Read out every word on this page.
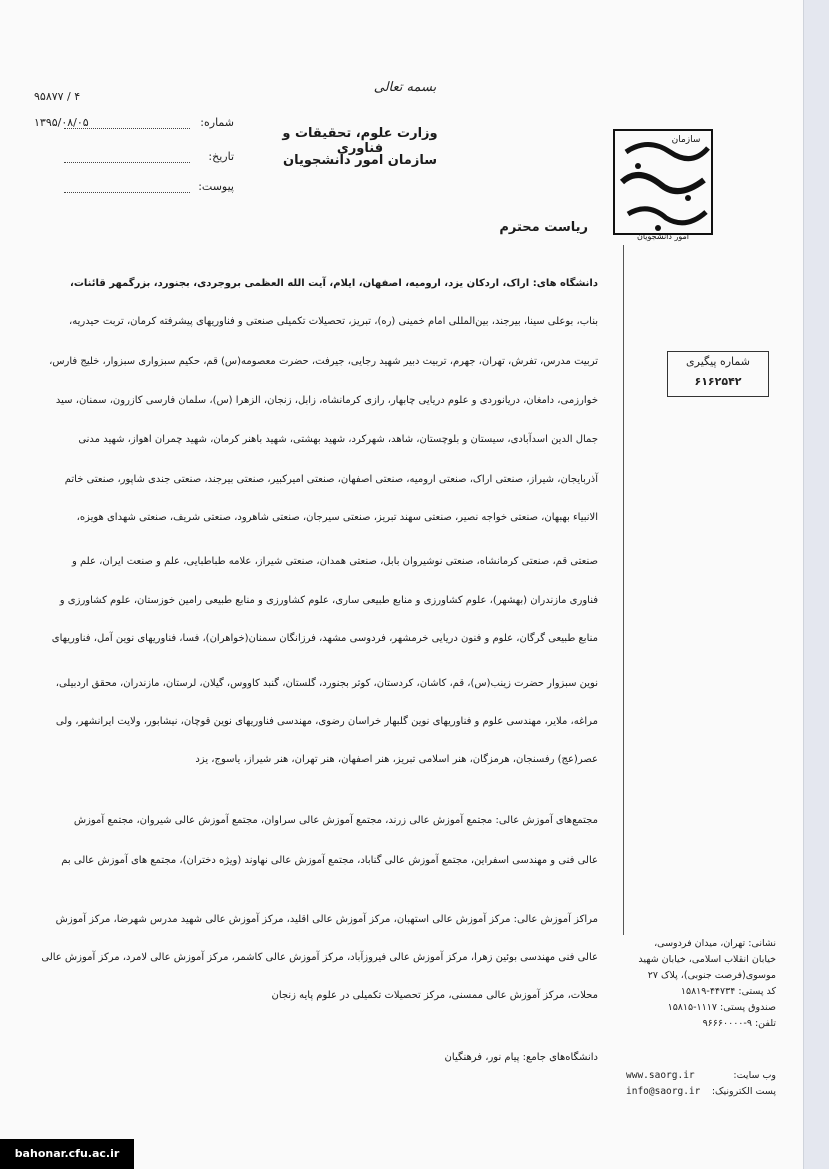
بسمه تعالی
وزارت علوم، تحقیقات و فناوری
سازمان امور دانشجویان
۴ / ۹۵۸۷۷
شماره:
۱۳۹۵/۰۸/۰۵
تاریخ:
پیوست:
سازمان
امور دانشجویان
شماره پیگیری
۶۱۶۲۵۴۲
ریاست محترم
دانشگاه های: اراک، اردکان یزد، ارومیه، اصفهان، ایلام، آیت الله العظمی بروجردی، بجنورد، بزرگمهر قائنات،
بناب، بوعلی سینا، بیرجند، بین‌المللی امام خمینی (ره)، تبریز، تحصیلات تکمیلی صنعتی و فناوریهای پیشرفته کرمان، تربت حیدریه،
تربیت مدرس، تفرش، تهران، جهرم، تربیت دبیر شهید رجایی، جیرفت، حضرت معصومه(س) قم، حکیم سبزواری سبزوار، خلیج فارس،
خوارزمی، دامغان، دریانوردی و علوم دریایی چابهار، رازی کرمانشاه، زابل، زنجان، الزهرا (س)، سلمان فارسی کازرون، سمنان، سید
جمال الدین اسدآبادی، سیستان و بلوچستان، شاهد، شهرکرد، شهید بهشتی، شهید باهنر کرمان، شهید چمران اهواز، شهید مدنی
آذربایجان، شیراز، صنعتی اراک، صنعتی ارومیه، صنعتی اصفهان، صنعتی امیرکبیر، صنعتی بیرجند، صنعتی جندی شاپور، صنعتی خاتم
الانبیاء بهبهان، صنعتی خواجه نصیر، صنعتی سهند تبریز، صنعتی سیرجان، صنعتی شاهرود، صنعتی شریف، صنعتی شهدای هویزه،
صنعتی قم، صنعتی کرمانشاه، صنعتی نوشیروان بابل، صنعتی همدان، صنعتی شیراز، علامه طباطبایی، علم و صنعت ایران، علم و
فناوری مازندران (بهشهر)، علوم کشاورزی و منابع طبیعی ساری، علوم کشاورزی و منابع طبیعی رامین خوزستان، علوم کشاورزی و
منابع طبیعی گرگان، علوم و فنون دریایی خرمشهر، فردوسی مشهد، فرزانگان سمنان(خواهران)، فسا، فناوریهای نوین آمل، فناوریهای
نوین سبزوار حضرت زینب(س)، قم، کاشان، کردستان، کوثر بجنورد، گلستان، گنبد کاووس، گیلان، لرستان، مازندران، محقق اردبیلی،
مراغه، ملایر، مهندسی علوم و فناوریهای نوین گلبهار خراسان رضوی، مهندسی فناوریهای نوین قوچان، نیشابور، ولایت ایرانشهر، ولی
عصر(عج) رفسنجان، هرمزگان، هنر اسلامی تبریز، هنر اصفهان، هنر تهران، هنر شیراز، یاسوج، یزد
مجتمع‌های آموزش عالی: مجتمع آموزش عالی زرند، مجتمع آموزش عالی سراوان، مجتمع آموزش عالی شیروان، مجتمع آموزش
عالی فنی و مهندسی اسفراین، مجتمع آموزش عالی گناباد، مجتمع آموزش عالی نهاوند (ویژه دختران)، مجتمع های آموزش عالی بم
مراکز آموزش عالی: مرکز آموزش عالی استهبان، مرکز آموزش عالی اقلید، مرکز آموزش عالی شهید مدرس شهرضا، مرکز آموزش
عالی فنی مهندسی بوئین زهرا، مرکز آموزش عالی فیروزآباد، مرکز آموزش عالی کاشمر، مرکز آموزش عالی لامرد، مرکز آموزش عالی
محلات، مرکز آموزش عالی ممسنی، مرکز تحصیلات تکمیلی در علوم پایه زنجان
دانشگاه‌های جامع: پیام نور، فرهنگیان
نشانی: تهران، میدان فردوسی،
خیابان انقلاب اسلامی، خیابان شهید
موسوی(فرصت جنوبی)، پلاک ۲۷
کد پستی: ۴۴۷۳۴-۱۵۸۱۹
صندوق پستی: ۱۱۱۷-۱۵۸۱۵
تلفن: ۹-۹۶۶۶۰۰۰۰
www.saorg.ir	وب سایت:
info@saorg.ir پست الکترونیک:
bahonar.cfu.ac.ir
